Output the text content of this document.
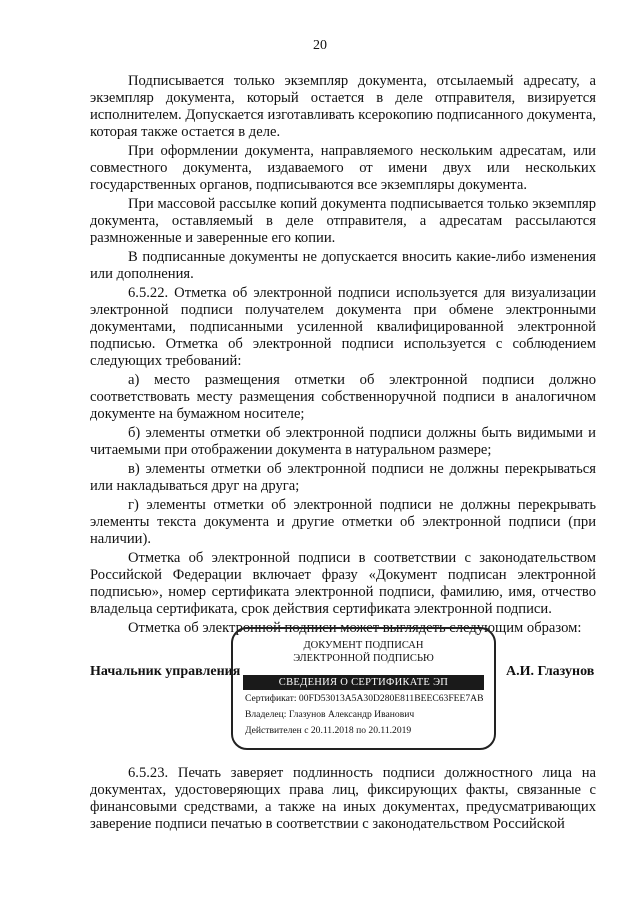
20

Подписывается только экземпляр документа, отсылаемый адресату, а экземпляр документа, который остается в деле отправителя, визируется исполнителем. Допускается изготавливать ксерокопию подписанного документа, которая также остается в деле.

При оформлении документа, направляемого нескольким адресатам, или совместного документа, издаваемого от имени двух или нескольких государственных органов, подписываются все экземпляры документа.

При массовой рассылке копий документа подписывается только экземпляр документа, оставляемый в деле отправителя, а адресатам рассылаются размноженные и заверенные его копии.

В подписанные документы не допускается вносить какие-либо изменения или дополнения.

6.5.22. Отметка об электронной подписи используется для визуализации электронной подписи получателем документа при обмене электронными документами, подписанными усиленной квалифицированной электронной подписью. Отметка об электронной подписи используется с соблюдением следующих требований:

а) место размещения отметки об электронной подписи должно соответствовать месту размещения собственноручной подписи в аналогичном документе на бумажном носителе;

б) элементы отметки об электронной подписи должны быть видимыми и читаемыми при отображении документа в натуральном размере;

в) элементы отметки об электронной подписи не должны перекрываться или накладываться друг на друга;

г) элементы отметки об электронной подписи не должны перекрывать элементы текста документа и другие отметки об электронной подписи (при наличии).

Отметка об электронной подписи в соответствии с законодательством Российской Федерации включает фразу «Документ подписан электронной подписью», номер сертификата электронной подписи, фамилию, имя, отчество владельца сертификата, срок действия сертификата электронной подписи.

Отметка об электронной подписи может выглядеть следующим образом:

Начальник управления
ДОКУМЕНТ ПОДПИСАН
ЭЛЕКТРОННОЙ ПОДПИСЬЮ
СВЕДЕНИЯ О СЕРТИФИКАТЕ ЭП
Сертификат: 00FD53013A5A30D280E811BEEC63FEE7AB
Владелец: Глазунов Александр Иванович
Действителен с 20.11.2018 по 20.11.2019
А.И. Глазунов

6.5.23. Печать заверяет подлинность подписи должностного лица на документах, удостоверяющих права лиц, фиксирующих факты, связанные с финансовыми средствами, а также на иных документах, предусматривающих заверение подписи печатью в соответствии с законодательством Российской
